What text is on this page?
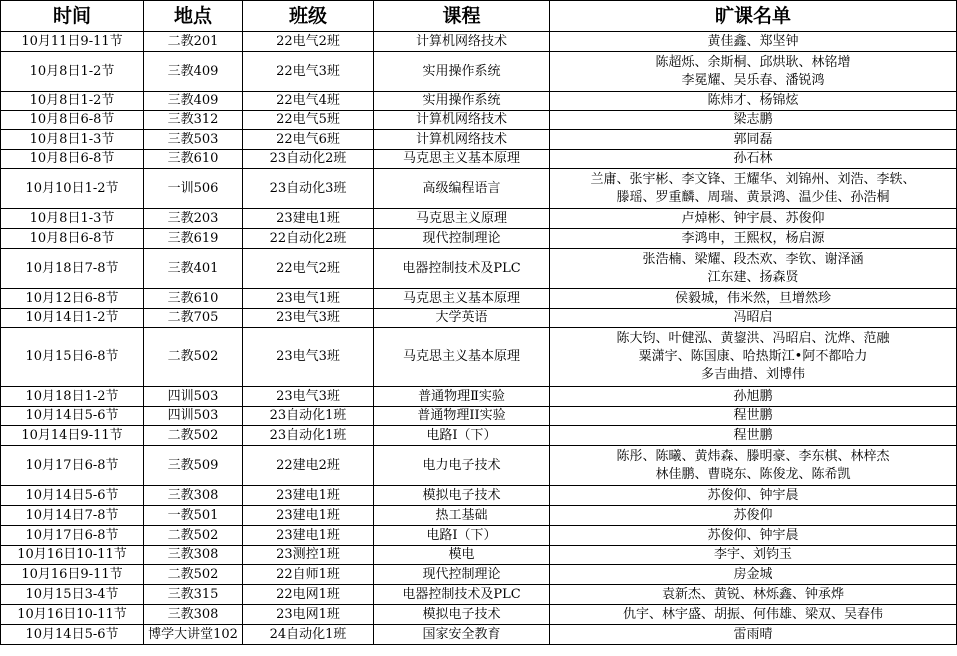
时间	地点	班级	课程	旷课名单
10月11日9-11节	二教201	22电气2班	计算机网络技术	黄佳鑫、郑坚钟
10月8日1-2节	三教409	22电气3班	实用操作系统	陈超烁、余斯桐、邱烘耿、林铭增
李冕耀、吴乐春、潘锐鸿
10月8日1-2节	三教409	22电气4班	实用操作系统	陈炜才、杨锦炫
10月8日6-8节	三教312	22电气5班	计算机网络技术	梁志鹏
10月8日1-3节	三教503	22电气6班	计算机网络技术	郭同磊
10月8日6-8节	三教610	23自动化2班	马克思主义基本原理	孙石林
10月10日1-2节	一训506	23自动化3班	高级编程语言	兰庸、张宇彬、李文锋、王耀华、刘锦州、刘浩、李轶、
滕瑶、罗重麟、周瑞、黄景鸿、温少佳、孙浩桐
10月8日1-3节	三教203	23建电1班	马克思主义原理	卢焯彬、钟宇晨、苏俊仰
10月8日6-8节	三教619	22自动化2班	现代控制理论	李鸿申，王熙权，杨启源
10月18日7-8节	三教401	22电气2班	电器控制技术及PLC	张浩楠、梁耀、段杰欢、李钦、谢泽涵
江东建、扬森贤
10月12日6-8节	三教610	23电气1班	马克思主义基本原理	侯毅城，伟米然，旦增然珍
10月14日1-2节	二教705	23电气3班	大学英语	冯昭启
10月15日6-8节	二教502	23电气3班	马克思主义基本原理	陈大钧、叶健泓、黄鋆洪、冯昭启、沈烨、范融
粟潇宇、陈国康、哈热斯江•阿不都哈力
多吉曲措、刘博伟
10月18日1-2节	四训503	23电气3班	普通物理Ⅱ实验	孙旭鹏
10月14日5-6节	四训503	23自动化1班	普通物理II实验	程世鹏
10月14日9-11节	二教502	23自动化1班	电路Ⅰ（下）	程世鹏
10月17日6-8节	三教509	22建电2班	电力电子技术	陈彤、陈曦、黄炜森、滕明豪、李东棋、林梓杰
林佳鹏、曹晓东、陈俊龙、陈希凯
10月14日5-6节	三教308	23建电1班	模拟电子技术	苏俊仰、钟宇晨
10月14日7-8节	一教501	23建电1班	热工基础	苏俊仰
10月17日6-8节	二教502	23建电1班	电路Ⅰ（下）	苏俊仰、钟宇晨
10月16日10-11节	三教308	23测控1班	模电	李宇、刘钧玉
10月16日9-11节	二教502	22自师1班	现代控制理论	房金城
10月15日3-4节	三教315	22电网1班	电器控制技术及PLC	袁新杰、黄锐、林烁鑫、钟承烨
10月16日10-11节	三教308	23电网1班	模拟电子技术	仇宇、林宇盛、胡振、何伟雄、梁双、吴春伟
10月14日5-6节	博学大讲堂102	24自动化1班	国家安全教育	雷雨晴
